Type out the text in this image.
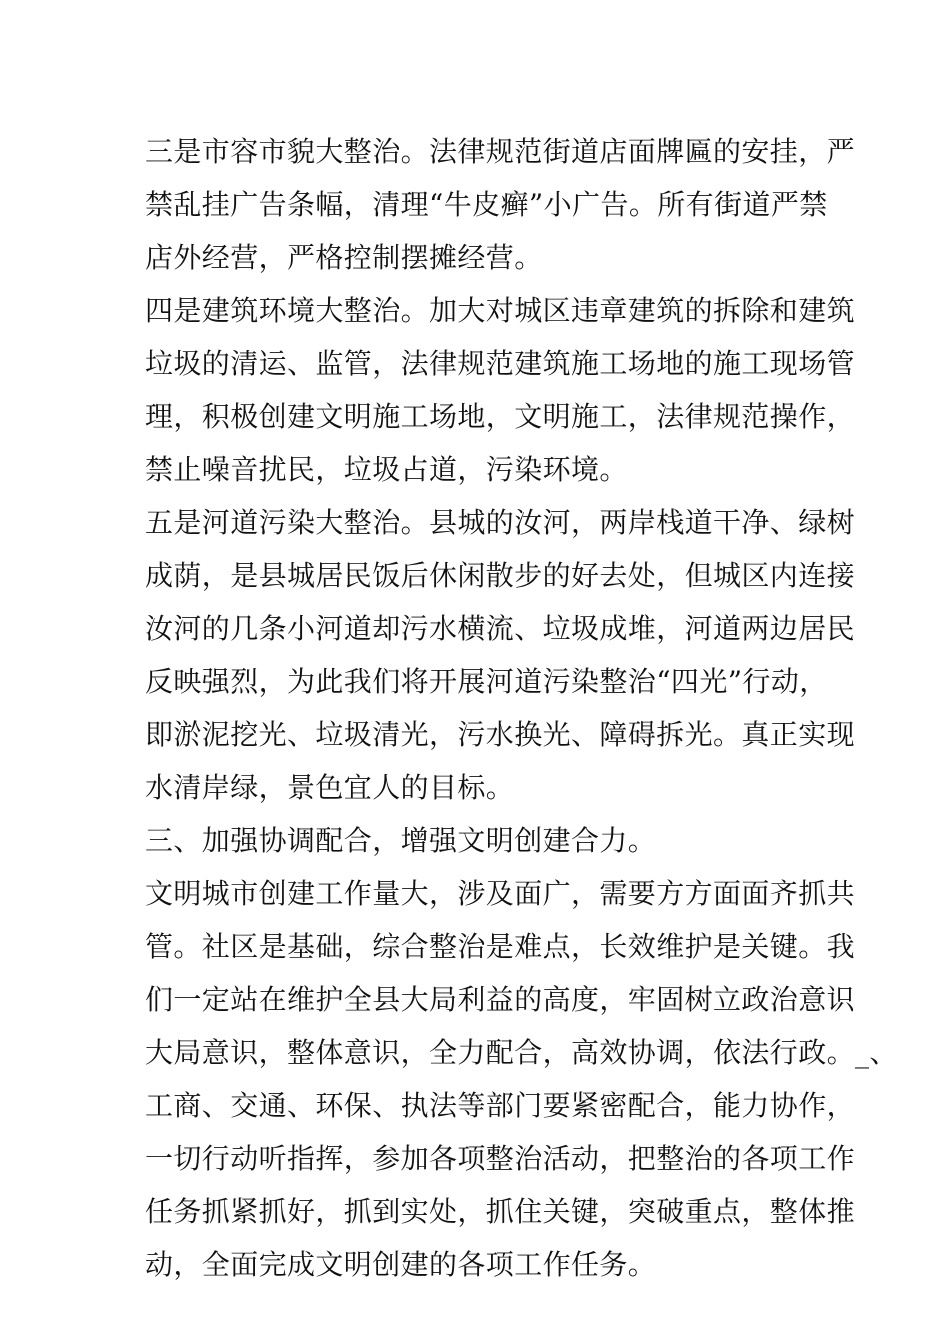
三是市容市貌大整治。法律规范街道店面牌匾的安挂，严
禁乱挂广告条幅，清理“牛皮癣”小广告。所有街道严禁
店外经营，严格控制摆摊经营。
四是建筑环境大整治。加大对城区违章建筑的拆除和建筑
垃圾的清运、监管，法律规范建筑施工场地的施工现场管
理，积极创建文明施工场地，文明施工，法律规范操作，
禁止噪音扰民，垃圾占道，污染环境。
五是河道污染大整治。县城的汝河，两岸栈道干净、绿树
成荫，是县城居民饭后休闲散步的好去处，但城区内连接
汝河的几条小河道却污水横流、垃圾成堆，河道两边居民
反映强烈，为此我们将开展河道污染整治“四光”行动，
即淤泥挖光、垃圾清光，污水换光、障碍拆光。真正实现
水清岸绿，景色宜人的目标。
三、加强协调配合，增强文明创建合力。
文明城市创建工作量大，涉及面广，需要方方面面齐抓共
管。社区是基础，综合整治是难点，长效维护是关键。我
们一定站在维护全县大局利益的高度，牢固树立政治意识
大局意识，整体意识，全力配合，高效协调，依法行政。_、
工商、交通、环保、执法等部门要紧密配合，能力协作，
一切行动听指挥，参加各项整治活动，把整治的各项工作
任务抓紧抓好，抓到实处，抓住关键，突破重点，整体推
动，全面完成文明创建的各项工作任务。
